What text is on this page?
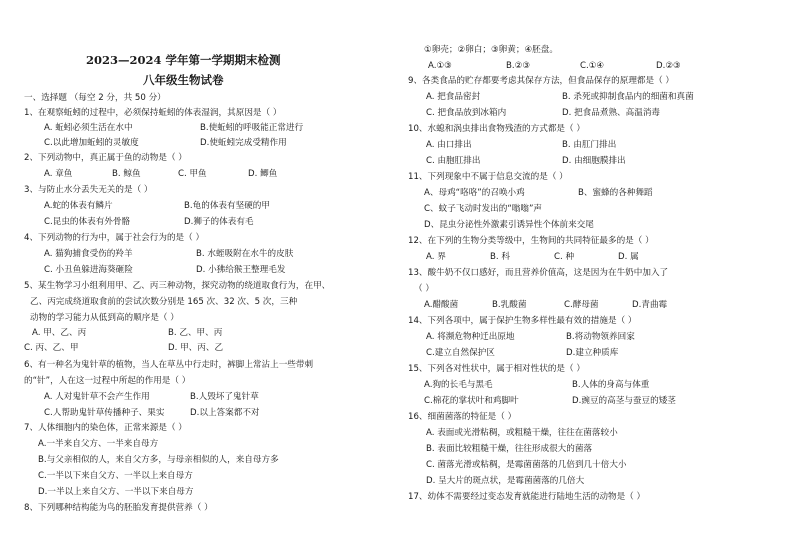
2023—2024 学年第一学期期末检测
八年级生物试卷
一、选择题 （每空 2 分，共 50 分）
1、在观察蚯蚓的过程中，必须保持蚯蚓的体表湿润，其原因是（ ）
A. 蚯蚓必须生活在水中	B.使蚯蚓的呼吸能正常进行
C.以此增加蚯蚓的灵敏度	D.使蚯蚓完成受精作用
2、下列动物中，真正属于鱼的动物是（ ）
A. 章鱼	B. 鲸鱼	C. 甲鱼	D. 鲫鱼
3、与防止水分丢失无关的是（ ）
A.蛇的体表有鳞片	B.龟的体表有坚硬的甲
C.昆虫的体表有外骨骼	D.狮子的体表有毛
4、下列动物的行为中，属于社会行为的是（ ）
A. 猫狗捕食受伤的羚羊	B. 水蛭吸附在水牛的皮肤
C. 小丑鱼躲进海葵砸险	D. 小狒给猴王整理毛发
5、某生物学习小组利用甲、乙、丙三种动物，探究动物的绕道取食行为，在甲、
乙、丙完成绕道取食前的尝试次数分别是 165 次、32 次、5 次，三种
动物的学习能力从低到高的顺序是（ ）
A. 甲、乙、丙	B. 乙、甲、丙
C. 丙、乙、甲	D. 甲、丙、乙
6、有一种名为鬼针草的植物，当人在草丛中行走时，裤脚上常沾上一些带刺
的“针”，人在这一过程中所起的作用是（ ）
A. 人对鬼针草不会产生作用	B.人毁坏了鬼针草
C.人帮助鬼针草传播种子、果实	D.以上答案都不对
7、人体细胞内的染色体，正常来源是（ ）
A.一半来自父方、一半来自母方
B.与父亲相似的人，来自父方多，与母亲相似的人，来自母方多
C.一半以下来自父方、一半以上来自母方
D.一半以上来自父方、一半以下来自母方
8、下列哪种结构能为鸟的胚胎发育提供营养（ ）
①卵壳；②卵白；③卵黄；④胚盘。
A.①③	B.②③	C.①④	D.②③
9、各类食品的贮存都要考虑其保存方法，但食品保存的原理都是（ ）
A. 把食品密封	B. 杀死或抑制食品内的细菌和真菌
C. 把食品放到冰箱内	D. 把食品煮熟、高温消毒
10、水螅和涡虫排出食物残渣的方式都是（ ）
A. 由口排出	B. 由肛门排出
C. 由胞肛排出	D. 由细胞膜排出
11、下列现象中不属于信息交流的是（ ）
A、母鸡“咯咯”的召唤小鸡	B、蜜蜂的各种舞蹈
C、蚊子飞动时发出的“嗡嗡”声
D、昆虫分泌性外激素引诱异性个体前来交尾
12、在下列的生物分类等级中，生物间的共同特征最多的是（ ）
A. 界	B. 科	C. 种	D. 属
13、酸牛奶不仅口感好，而且营养价值高，这是因为在牛奶中加入了
（ ）
A.醋酸菌	B.乳酸菌	C.酵母菌	D.青曲霉
14、下列各项中，属于保护生物多样性最有效的措施是（ ）
A. 将濒危物种迁出原地	B.将动物领养回家
C.建立自然保护区	D.建立种质库
15、下列各对性状中，属于相对性状的是（ ）
A.狗的长毛与黑毛	B.人体的身高与体重
C.棉花的掌状叶和鸡脚叶	D.豌豆的高茎与蚕豆的矮茎
16、细菌菌落的特征是（ ）
A. 表面或光滑粘稠，或粗糙干燥，往往在菌落较小
B. 表面比较粗糙干燥，往往形成很大的菌落
C. 菌落光滑或粘稠，是霉菌菌落的几倍到几十倍大小
D. 呈大片的斑点状，是霉菌菌落的几倍大
17、幼体不需要经过变态发育就能进行陆地生活的动物是（ ）
